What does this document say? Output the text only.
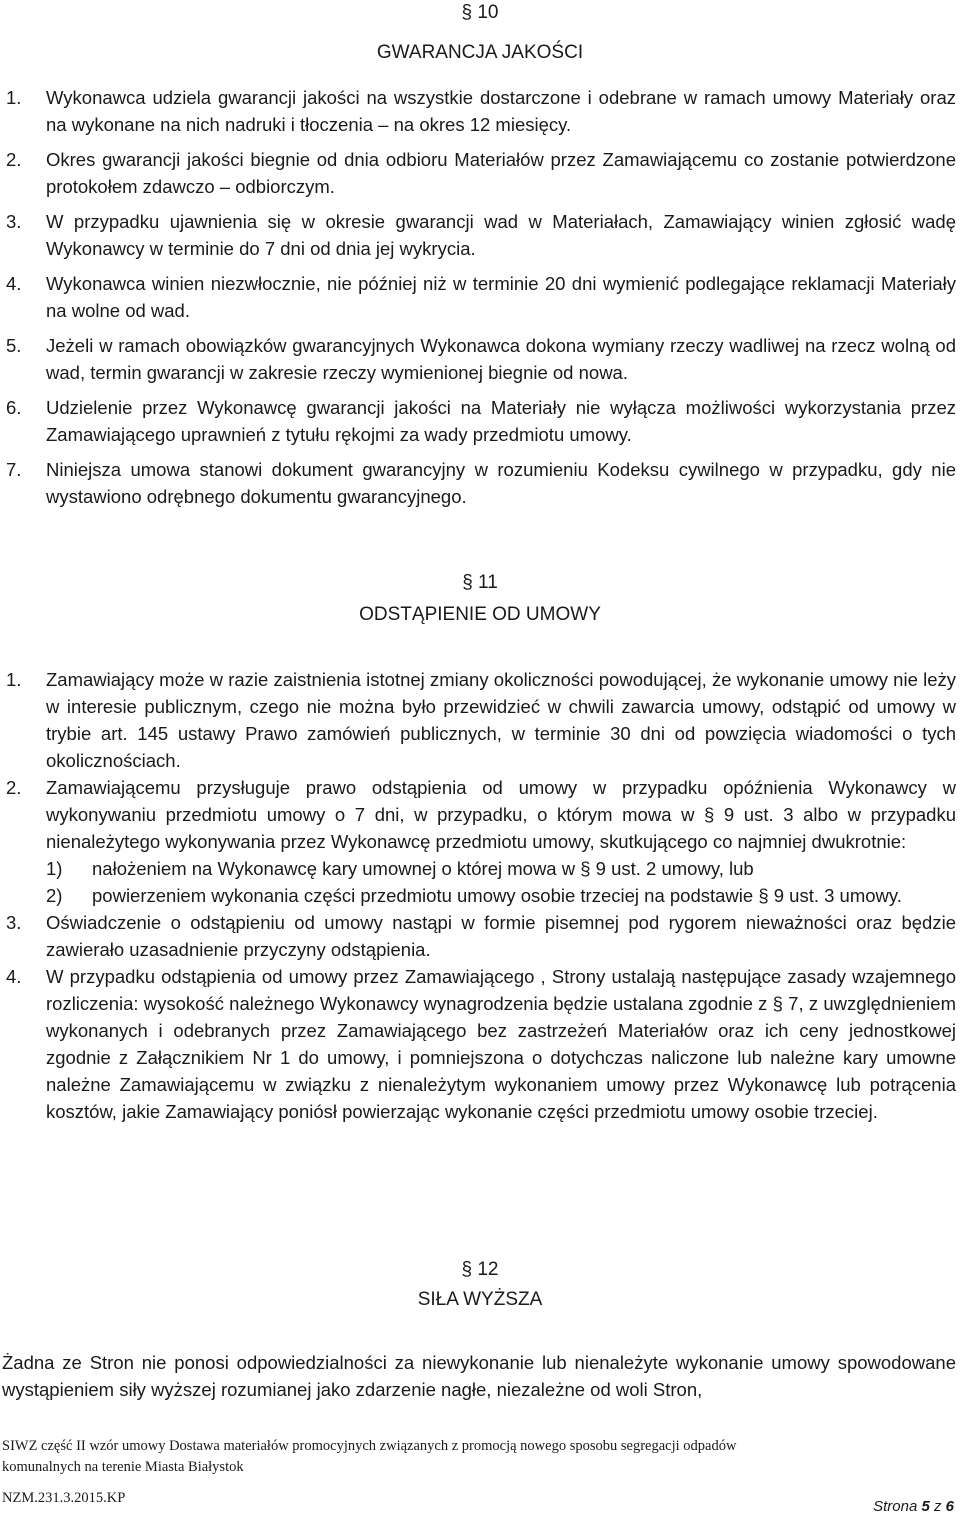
§ 10
GWARANCJA JAKOŚCI
1. Wykonawca udziela gwarancji jakości na wszystkie dostarczone i odebrane w ramach umowy Materiały oraz na wykonane na nich nadruki i tłoczenia – na okres 12 miesięcy.
2. Okres gwarancji jakości biegnie od dnia odbioru Materiałów przez Zamawiającemu co zostanie potwierdzone protokołem zdawczo – odbiorczym.
3. W przypadku ujawnienia się w okresie gwarancji wad w Materiałach, Zamawiający winien zgłosić wadę Wykonawcy w terminie do 7 dni od dnia jej wykrycia.
4. Wykonawca winien niezwłocznie, nie później niż w terminie 20 dni wymienić podlegające reklamacji Materiały na wolne od wad.
5. Jeżeli w ramach obowiązków gwarancyjnych Wykonawca dokona wymiany rzeczy wadliwej na rzecz wolną od wad, termin gwarancji w zakresie rzeczy wymienionej biegnie od nowa.
6. Udzielenie przez Wykonawcę gwarancji jakości na Materiały nie wyłącza możliwości wykorzystania przez Zamawiającego uprawnień z tytułu rękojmi za wady przedmiotu umowy.
7. Niniejsza umowa stanowi dokument gwarancyjny w rozumieniu Kodeksu cywilnego w przypadku, gdy nie wystawiono odrębnego dokumentu gwarancyjnego.
§ 11
ODSTĄPIENIE OD UMOWY
1. Zamawiający może w razie zaistnienia istotnej zmiany okoliczności powodującej, że wykonanie umowy nie leży w interesie publicznym, czego nie można było przewidzieć w chwili zawarcia umowy, odstąpić od umowy w trybie art. 145 ustawy Prawo zamówień publicznych, w terminie 30 dni od powzięcia wiadomości o tych okolicznościach.
2. Zamawiającemu przysługuje prawo odstąpienia od umowy w przypadku opóźnienia Wykonawcy w wykonywaniu przedmiotu umowy o 7 dni, w przypadku, o którym mowa w § 9 ust. 3 albo w przypadku nienależytego wykonywania przez Wykonawcę przedmiotu umowy, skutkującego co najmniej dwukrotnie:
1) nałożeniem na Wykonawcę kary umownej o której mowa w § 9 ust. 2 umowy, lub
2) powierzeniem wykonania części przedmiotu umowy osobie trzeciej na podstawie § 9 ust. 3 umowy.
3. Oświadczenie o odstąpieniu od umowy nastąpi w formie pisemnej pod rygorem nieważności oraz będzie zawierało uzasadnienie przyczyny odstąpienia.
4. W przypadku odstąpienia od umowy przez Zamawiającego , Strony ustalają następujące zasady wzajemnego rozliczenia: wysokość należnego Wykonawcy wynagrodzenia będzie ustalana zgodnie z § 7, z uwzględnieniem wykonanych i odebranych przez Zamawiającego bez zastrzeżeń Materiałów oraz ich ceny jednostkowej zgodnie z Załącznikiem Nr 1 do umowy, i pomniejszona o dotychczas naliczone lub należne kary umowne należne Zamawiającemu w związku z nienależytym wykonaniem umowy przez Wykonawcę lub potrącenia kosztów, jakie Zamawiający poniósł powierzając wykonanie części przedmiotu umowy osobie trzeciej.
§ 12
SIŁA WYŻSZA
Żadna ze Stron nie ponosi odpowiedzialności za niewykonanie lub nienależyte wykonanie umowy spowodowane wystąpieniem siły wyższej rozumianej jako zdarzenie nagłe, niezależne od woli Stron,
SIWZ część II wzór umowy Dostawa materiałów promocyjnych związanych z promocją nowego sposobu segregacji odpadów
komunalnych na terenie Miasta Białystok
NZM.231.3.2015.KP	Strona 5 z 6
